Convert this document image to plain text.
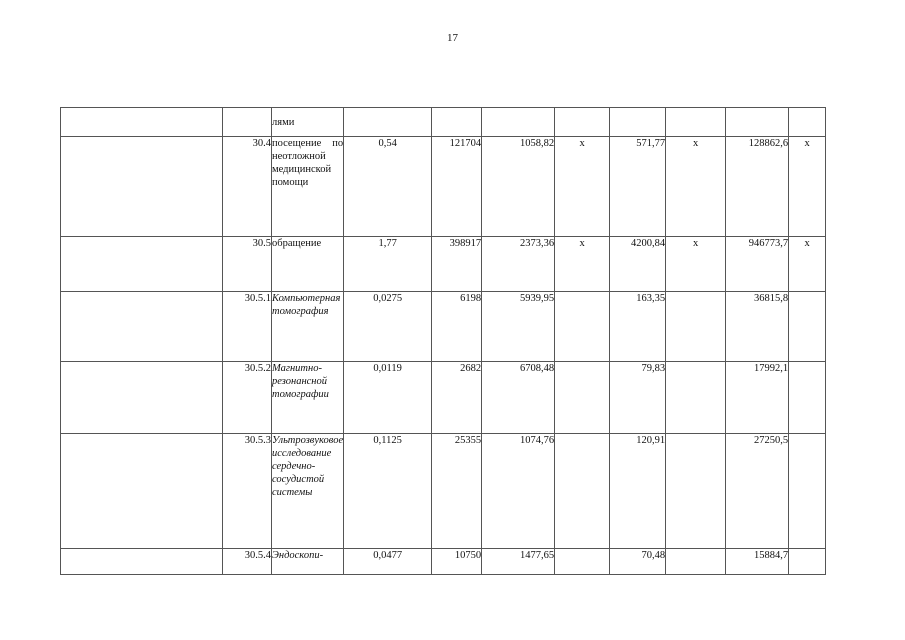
17
		лями								
	30.4	посещение по неотложной медицинской помощи	0,54	121704	1058,82	х	571,77	х	128862,6	х
	30.5	обращение	1,77	398917	2373,36	х	4200,84	х	946773,7	х
	30.5.1	Компьютерная томография	0,0275	6198	5939,95		163,35		36815,8	
	30.5.2	Магнитно-резонансной томографии	0,0119	2682	6708,48		79,83		17992,1	
	30.5.3	Ультрозвуковое исследование сердечно-сосудистой системы	0,1125	25355	1074,76		120,91		27250,5	
	30.5.4	Эндоскопи-	0,0477	10750	1477,65		70,48		15884,7	
